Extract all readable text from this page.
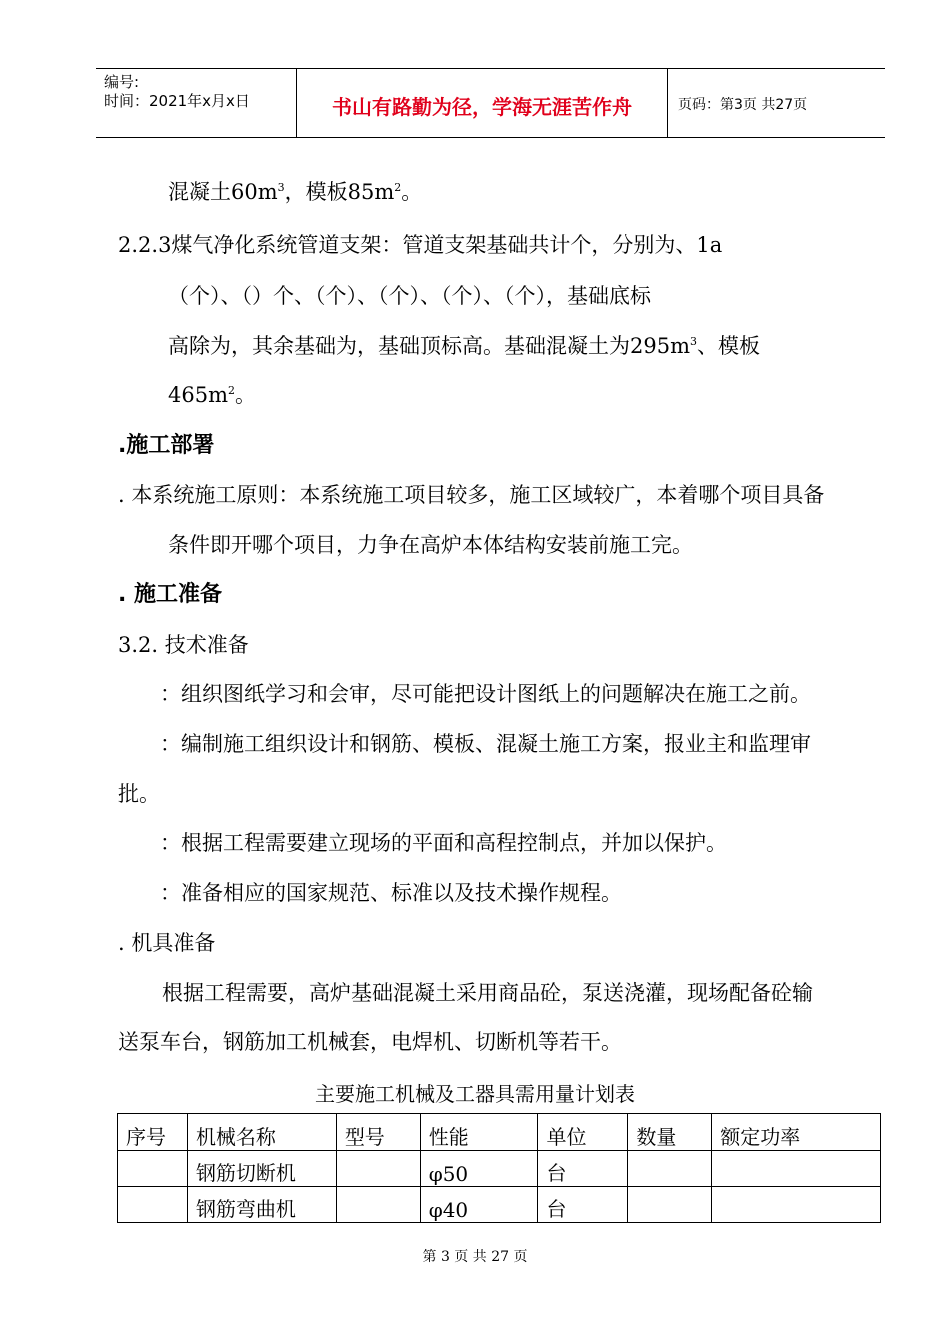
编号:
时间：2021年x月x日	书山有路勤为径，学海无涯苦作舟	页码：第3页 共27页
混凝土$60m^3$，模板$85m^2$。
2.2.3煤气净化系统管道支架：管道支架基础共计个，分别为、1a
（个）、（）个、（个）、（个）、（个）、（个），基础底标
高除为，其余基础为，基础顶标高。基础混凝土为$295m^3$、模板
$465m^2$。
.施工部署
. 本系统施工原则：本系统施工项目较多，施工区域较广，本着哪个项目具备
条件即开哪个项目，力争在高炉本体结构安装前施工完。
. 施工准备
3.2. 技术准备
：组织图纸学习和会审，尽可能把设计图纸上的问题解决在施工之前。
：编制施工组织设计和钢筋、模板、混凝土施工方案，报业主和监理审
批。
：根据工程需要建立现场的平面和高程控制点，并加以保护。
：准备相应的国家规范、标准以及技术操作规程。
. 机具准备
根据工程需要，高炉基础混凝土采用商品砼，泵送浇灌，现场配备砼输
送泵车台，钢筋加工机械套，电焊机、切断机等若干。
主要施工机械及工器具需用量计划表
序号	机械名称	型号	性能	单位	数量	额定功率
	钢筋切断机		φ50	台		
	钢筋弯曲机		φ40	台		
第 3 页 共 27 页
